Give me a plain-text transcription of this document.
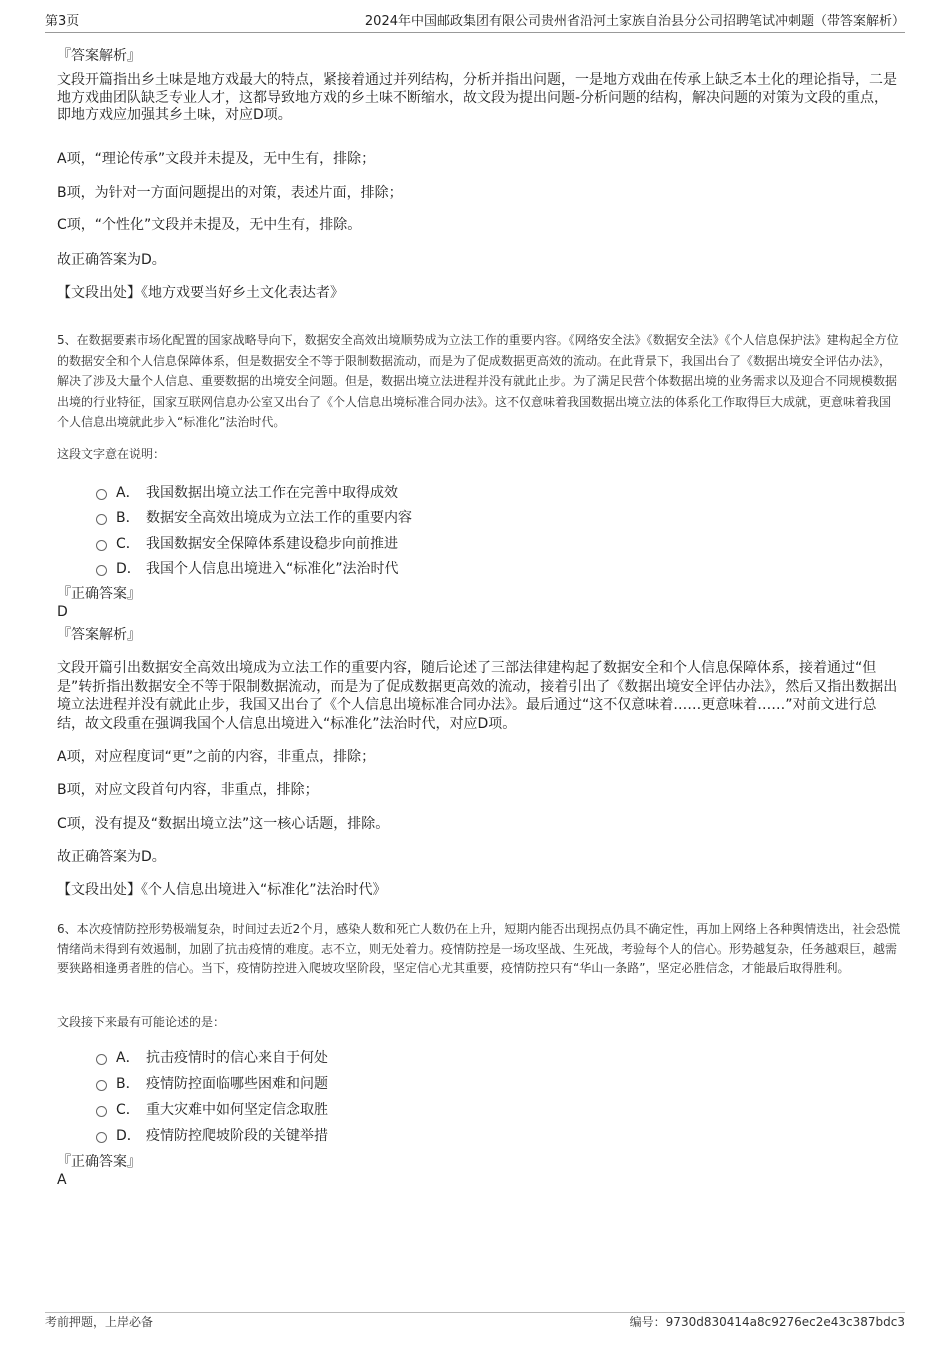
第3页	2024年中国邮政集团有限公司贵州省沿河土家族自治县分公司招聘笔试冲刺题（带答案解析）
『答案解析』
文段开篇指出乡土味是地方戏最大的特点，紧接着通过并列结构，分析并指出问题，一是地方戏曲在传承上缺乏本土化的理论指导，二是地方戏曲团队缺乏专业人才，这都导致地方戏的乡土味不断缩水，故文段为提出问题-分析问题的结构，解决问题的对策为文段的重点，即地方戏应加强其乡土味，对应D项。
A项，“理论传承”文段并未提及，无中生有，排除；
B项，为针对一方面问题提出的对策，表述片面，排除；
C项，“个性化”文段并未提及，无中生有，排除。
故正确答案为D。
【文段出处】《地方戏要当好乡土文化表达者》
5、在数据要素市场化配置的国家战略导向下，数据安全高效出境顺势成为立法工作的重要内容。《网络安全法》《数据安全法》《个人信息保护法》建构起全方位的数据安全和个人信息保障体系，但是数据安全不等于限制数据流动，而是为了促成数据更高效的流动。在此背景下，我国出台了《数据出境安全评估办法》，解决了涉及大量个人信息、重要数据的出境安全问题。但是，数据出境立法进程并没有就此止步。为了满足民营个体数据出境的业务需求以及迎合不同规模数据出境的行业特征，国家互联网信息办公室又出台了《个人信息出境标准合同办法》。这不仅意味着我国数据出境立法的体系化工作取得巨大成就，更意味着我国个人信息出境就此步入“标准化”法治时代。
这段文字意在说明：
A． 我国数据出境立法工作在完善中取得成效
B． 数据安全高效出境成为立法工作的重要内容
C． 我国数据安全保障体系建设稳步向前推进
D． 我国个人信息出境进入“标准化”法治时代
『正确答案』
D
『答案解析』
文段开篇引出数据安全高效出境成为立法工作的重要内容，随后论述了三部法律建构起了数据安全和个人信息保障体系，接着通过“但是”转折指出数据安全不等于限制数据流动，而是为了促成数据更高效的流动，接着引出了《数据出境安全评估办法》，然后又指出数据出境立法进程并没有就此止步，我国又出台了《个人信息出境标准合同办法》。最后通过“这不仅意味着……更意味着……”对前文进行总结，故文段重在强调我国个人信息出境进入“标准化”法治时代，对应D项。
A项，对应程度词“更”之前的内容，非重点，排除；
B项，对应文段首句内容，非重点，排除；
C项，没有提及“数据出境立法”这一核心话题，排除。
故正确答案为D。
【文段出处】《个人信息出境进入“标准化”法治时代》
6、本次疫情防控形势极端复杂，时间过去近2个月，感染人数和死亡人数仍在上升，短期内能否出现拐点仍具不确定性，再加上网络上各种舆情迭出，社会恐慌情绪尚未得到有效遏制，加剧了抗击疫情的难度。志不立，则无处着力。疫情防控是一场攻坚战、生死战，考验每个人的信心。形势越复杂，任务越艰巨，越需要狭路相逢勇者胜的信心。当下，疫情防控进入爬坡攻坚阶段，坚定信心尤其重要，疫情防控只有“华山一条路”，坚定必胜信念，才能最后取得胜利。
文段接下来最有可能论述的是：
A． 抗击疫情时的信心来自于何处
B． 疫情防控面临哪些困难和问题
C． 重大灾难中如何坚定信念取胜
D． 疫情防控爬坡阶段的关键举措
『正确答案』
A
考前押题，上岸必备	编号：9730d830414a8c9276ec2e43c387bdc3
